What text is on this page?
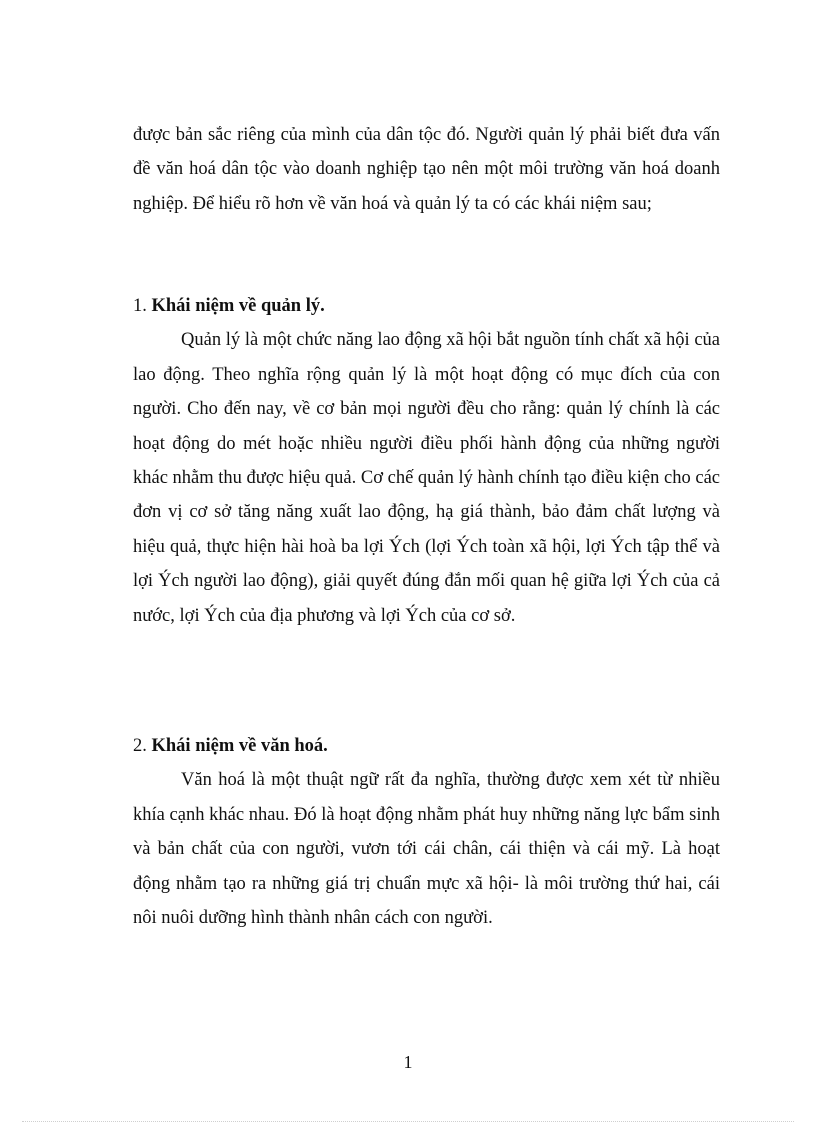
được bản sắc riêng của mình của dân tộc đó. Người quản lý phải biết đưa vấn đề văn hoá dân tộc vào doanh nghiệp tạo nên một môi trường văn hoá doanh nghiệp. Để hiểu rõ hơn về văn hoá và quản lý ta có các khái niệm sau;
1. Khái niệm về quản lý.
Quản lý là một chức năng lao động xã hội bắt nguồn tính chất xã hội của lao động. Theo nghĩa rộng quản lý là một hoạt động có mục đích của con người. Cho đến nay, về cơ bản mọi người đều cho rằng: quản lý chính là các hoạt động do mét hoặc nhiều người điều phối hành động của những người khác nhằm thu được hiệu quả. Cơ chế quản lý hành chính tạo điều kiện cho các đơn vị cơ sở tăng năng xuất lao động, hạ giá thành, bảo đảm chất lượng và hiệu quả, thực hiện hài hoà ba lợi Ých (lợi Ých toàn xã hội, lợi Ých tập thể và lợi Ých người lao động), giải quyết đúng đắn mối quan hệ giữa lợi Ých của cả nước, lợi Ých của địa phương và lợi Ých của cơ sở.
2. Khái niệm về văn hoá.
Văn hoá là một thuật ngữ rất đa nghĩa, thường được xem xét từ nhiều khía cạnh khác nhau. Đó là hoạt động nhằm phát huy những năng lực bẩm sinh và bản chất của con người, vươn tới cái chân, cái thiện và cái mỹ. Là hoạt động nhằm tạo ra những giá trị chuẩn mực xã hội- là môi trường thứ hai, cái nôi nuôi dưỡng hình thành nhân cách con người.
1
